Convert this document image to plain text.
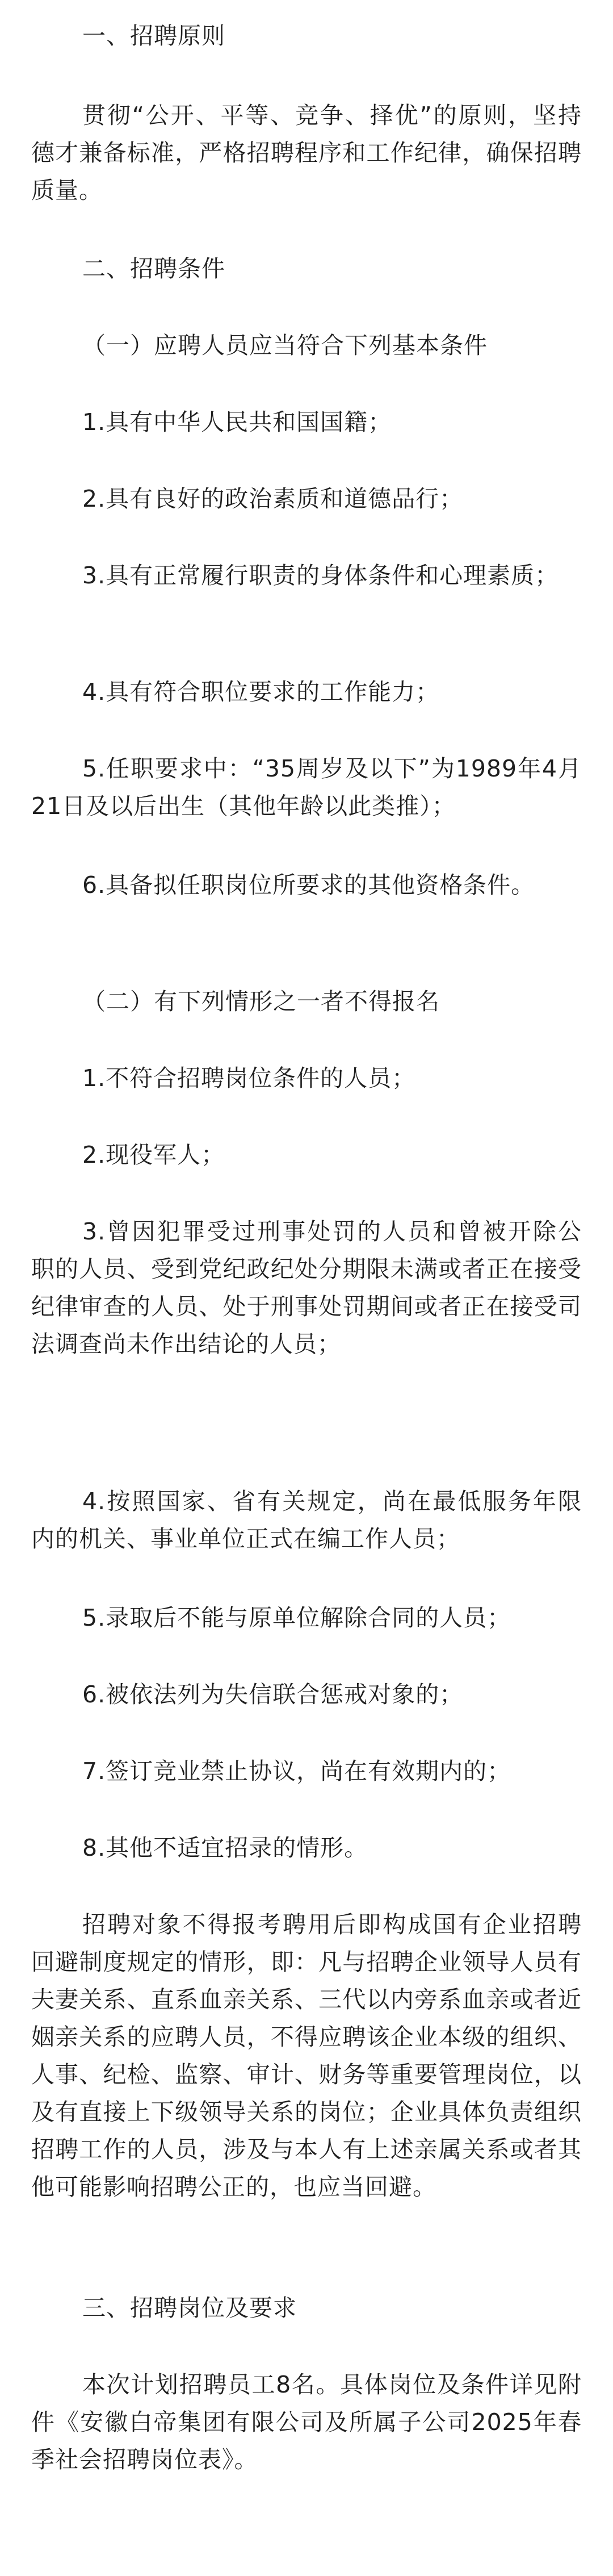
一、招聘原则

贯彻“公开、平等、竞争、择优”的原则，坚持德才兼备标准，严格招聘程序和工作纪律，确保招聘质量。

二、招聘条件

（一）应聘人员应当符合下列基本条件

1.具有中华人民共和国国籍；

2.具有良好的政治素质和道德品行；

3.具有正常履行职责的身体条件和心理素质；

4.具有符合职位要求的工作能力；

5.任职要求中：“35周岁及以下”为1989年4月21日及以后出生（其他年龄以此类推）；

6.具备拟任职岗位所要求的其他资格条件。

（二）有下列情形之一者不得报名

1.不符合招聘岗位条件的人员；

2.现役军人；

3.曾因犯罪受过刑事处罚的人员和曾被开除公职的人员、受到党纪政纪处分期限未满或者正在接受纪律审查的人员、处于刑事处罚期间或者正在接受司法调查尚未作出结论的人员；

4.按照国家、省有关规定，尚在最低服务年限内的机关、事业单位正式在编工作人员；

5.录取后不能与原单位解除合同的人员；

6.被依法列为失信联合惩戒对象的；

7.签订竞业禁止协议，尚在有效期内的；

8.其他不适宜招录的情形。

招聘对象不得报考聘用后即构成国有企业招聘回避制度规定的情形，即：凡与招聘企业领导人员有夫妻关系、直系血亲关系、三代以内旁系血亲或者近姻亲关系的应聘人员，不得应聘该企业本级的组织、人事、纪检、监察、审计、财务等重要管理岗位，以及有直接上下级领导关系的岗位；企业具体负责组织招聘工作的人员，涉及与本人有上述亲属关系或者其他可能影响招聘公正的，也应当回避。

三、招聘岗位及要求

本次计划招聘员工8名。具体岗位及条件详见附件《安徽白帝集团有限公司及所属子公司2025年春季社会招聘岗位表》。
